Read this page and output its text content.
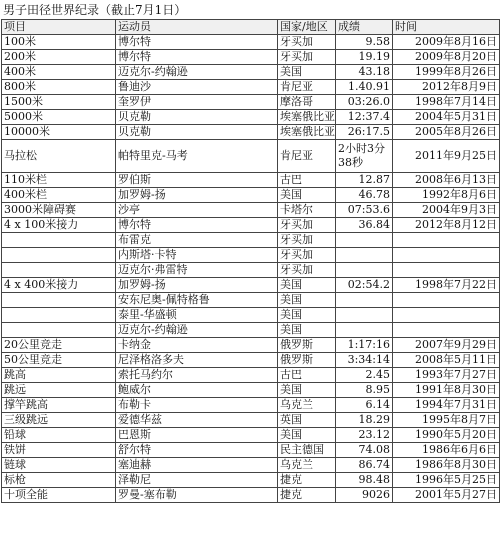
男子田径世界纪录（截止7月1日）
项目	运动员	国家/地区	成绩	时间
100米	博尔特	牙买加	9.58	2009年8月16日
200米	博尔特	牙买加	19.19	2009年8月20日
400米	迈克尔-约翰逊	美国	43.18	1999年8月26日
800米	鲁迪沙	肯尼亚	1.40.91	2012年8月9日
1500米	奎罗伊	摩洛哥	03:26.0	1998年7月14日
5000米	贝克勒	埃塞俄比亚	12:37.4	2004年5月31日
10000米	贝克勒	埃塞俄比亚	26:17.5	2005年8月26日
马拉松	帕特里克-马考	肯尼亚	2小时3分38秒	2011年9月25日
110米栏	罗伯斯	古巴	12.87	2008年6月13日
400米栏	加罗姆-扬	美国	46.78	1992年8月6日
3000米障碍赛	沙亭	卡塔尔	07:53.6	2004年9月3日
4 x 100米接力	博尔特	牙买加	36.84	2012年8月12日
	布雷克	牙买加		
	内斯塔·卡特	牙买加		
	迈克尔·弗雷特	牙买加		
4 x 400米接力	加罗姆-扬	美国	02:54.2	1998年7月22日
	安东尼奥-佩特格鲁	美国		
	泰里-华盛顿	美国		
	迈克尔-约翰逊	美国		
20公里竞走	卡纳金	俄罗斯	1:17:16	2007年9月29日
50公里竞走	尼泽格洛多夫	俄罗斯	3:34:14	2008年5月11日
跳高	索托马约尔	古巴	2.45	1993年7月27日
跳远	鲍威尔	美国	8.95	1991年8月30日
撑竿跳高	布勒卡	乌克兰	6.14	1994年7月31日
三级跳远	爱德华兹	英国	18.29	1995年8月7日
铅球	巴恩斯	美国	23.12	1990年5月20日
铁饼	舒尔特	民主德国	74.08	1986年6月6日
链球	塞迪赫	乌克兰	86.74	1986年8月30日
标枪	泽勒尼	捷克	98.48	1996年5月25日
十项全能	罗曼-塞布勒	捷克	9026	2001年5月27日
